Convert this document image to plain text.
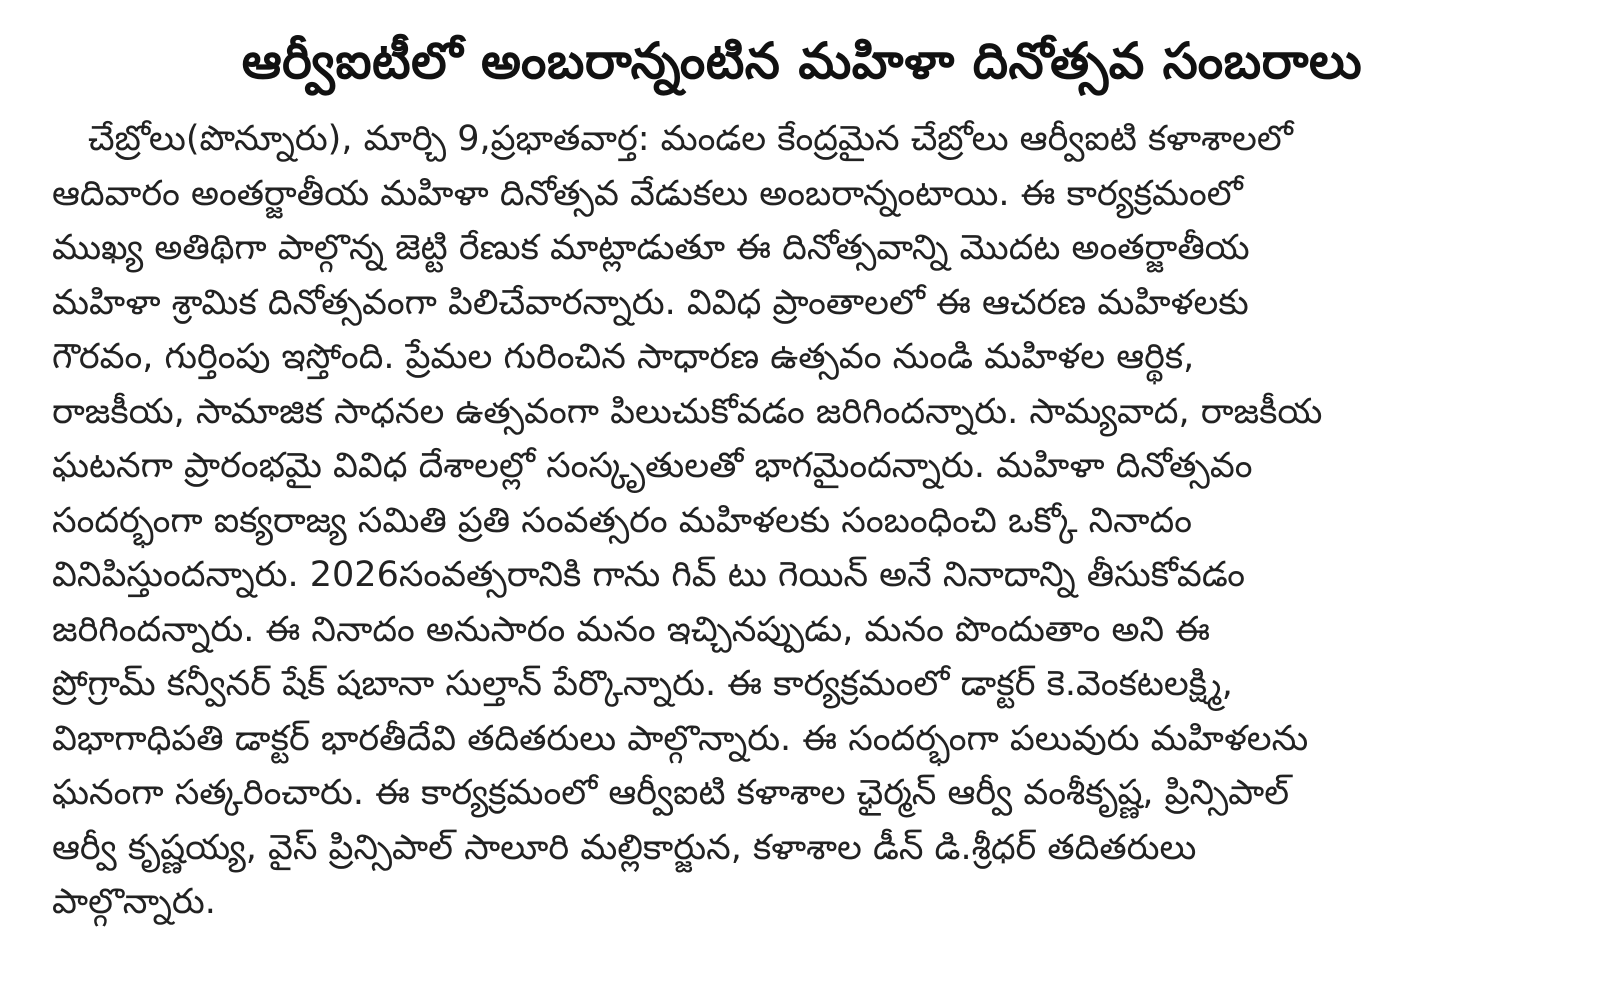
ఆర్వీఐటీలో అంబరాన్నంటిన మహిళా దినోత్సవ సంబరాలు
చేబ్రోలు(పొన్నూరు), మార్చి 9,ప్రభాతవార్త: మండల కేంద్రమైన చేబ్రోలు ఆర్వీఐటి కళాశాలలో
ఆదివారం అంతర్జాతీయ మహిళా దినోత్సవ వేడుకలు అంబరాన్నంటాయి. ఈ కార్యక్రమంలో
ముఖ్య అతిథిగా పాల్గొన్న జెట్టి రేణుక మాట్లాడుతూ ఈ దినోత్సవాన్ని మొదట అంతర్జాతీయ
మహిళా శ్రామిక దినోత్సవంగా పిలిచేవారన్నారు. వివిధ ప్రాంతాలలో ఈ ఆచరణ మహిళలకు
గౌరవం, గుర్తింపు ఇస్తోంది. ప్రేమల గురించిన సాధారణ ఉత్సవం నుండి మహిళల ఆర్థిక,
రాజకీయ, సామాజిక సాధనల ఉత్సవంగా పిలుచుకోవడం జరిగిందన్నారు. సామ్యవాద, రాజకీయ
ఘటనగా ప్రారంభమై వివిధ దేశాలల్లో సంస్కృతులతో భాగమైందన్నారు. మహిళా దినోత్సవం
సందర్భంగా ఐక్యరాజ్య సమితి ప్రతి సంవత్సరం మహిళలకు సంబంధించి ఒక్కో నినాదం
వినిపిస్తుందన్నారు. 2026సంవత్సరానికి గాను గివ్ టు గెయిన్ అనే నినాదాన్ని తీసుకోవడం
జరిగిందన్నారు. ఈ నినాదం అనుసారం మనం ఇచ్చినప్పుడు, మనం పొందుతాం అని ఈ
ప్రోగ్రామ్ కన్వీనర్ షేక్ షబానా సుల్తాన్ పేర్కొన్నారు. ఈ కార్యక్రమంలో డాక్టర్ కె.వెంకటలక్ష్మి,
విభాగాధిపతి డాక్టర్ భారతీదేవి తదితరులు పాల్గొన్నారు. ఈ సందర్భంగా పలువురు మహిళలను
ఘనంగా సత్కరించారు. ఈ కార్యక్రమంలో ఆర్వీఐటి కళాశాల ఛైర్మన్ ఆర్వీ వంశీకృష్ణ, ప్రిన్సిపాల్
ఆర్వీ కృష్ణయ్య, వైస్ ప్రిన్సిపాల్ సాలూరి మల్లికార్జున, కళాశాల డీన్ డి.శ్రీధర్ తదితరులు
పాల్గొన్నారు.
